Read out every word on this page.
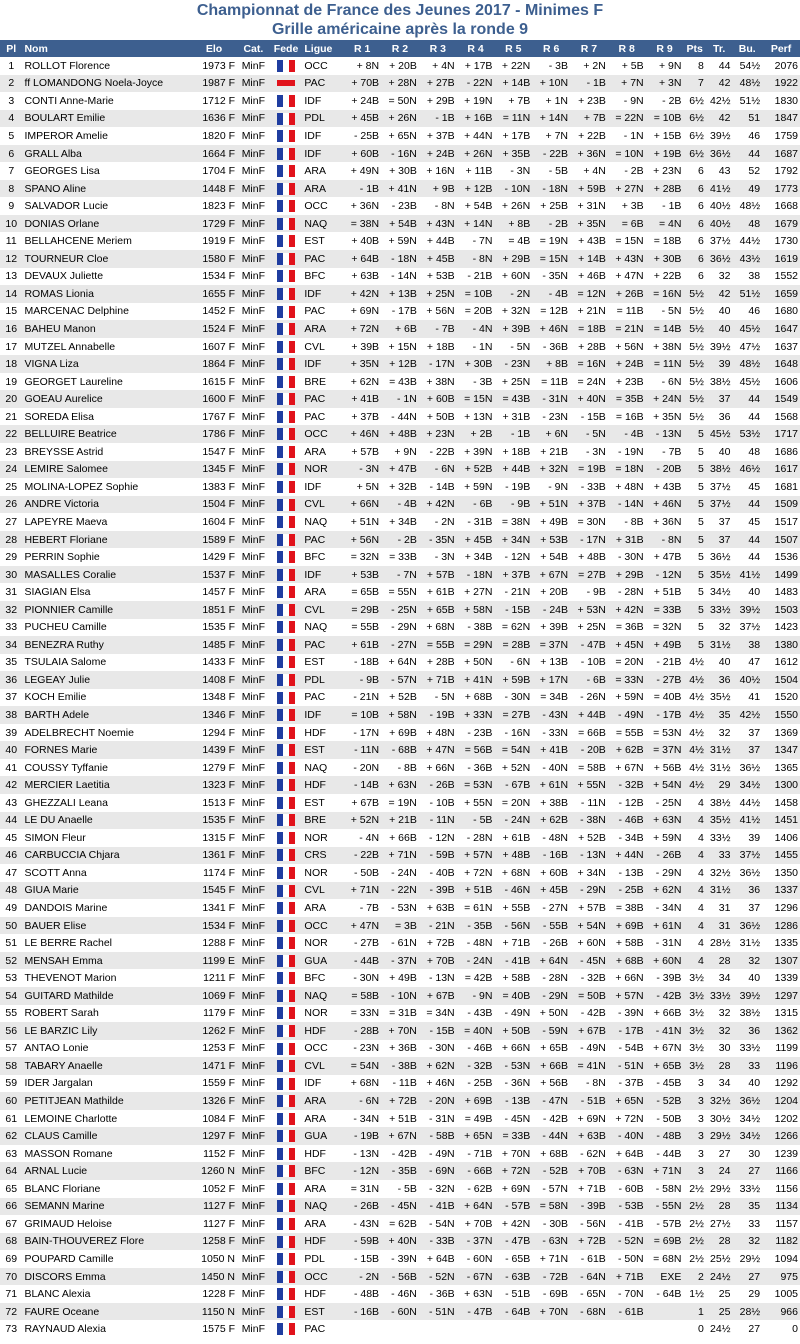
Championnat de France des Jeunes 2017 - Minimes F
Grille américaine après la ronde 9
Pl	Nom	Elo	Cat.	Fede	Ligue	R 1	R 2	R 3	R 4	R 5	R 6	R 7	R 8	R 9	Pts	Tr.	Bu.	Perf
1	ROLLOT Florence	1973 F	MinF		OCC	+ 8N	+ 20B	+ 4N	+ 17B	+ 22N	- 3B	+ 2N	+ 5B	+ 9N	8	44	54½	2076
2	ff LOMANDONG Noela-Joyce	1987 F	MinF		PAC	+ 70B	+ 28N	+ 27B	- 22N	+ 14B	+ 10N	- 1B	+ 7N	+ 3N	7	42	48½	1922
3	CONTI Anne-Marie	1712 F	MinF		IDF	+ 24B	= 50N	+ 29B	+ 19N	+ 7B	+ 1N	+ 23B	- 9N	- 2B	6½	42½	51½	1830
4	BOULART Emilie	1636 F	MinF		PDL	+ 45B	+ 26N	- 1B	+ 16B	= 11N	+ 14N	+ 7B	= 22N	= 10B	6½	42	51	1847
5	IMPEROR Amelie	1820 F	MinF		IDF	- 25B	+ 65N	+ 37B	+ 44N	+ 17B	+ 7N	+ 22B	- 1N	+ 15B	6½	39½	46	1759
6	GRALL Alba	1664 F	MinF		IDF	+ 60B	- 16N	+ 24B	+ 26N	+ 35B	- 22B	+ 36N	= 10N	+ 19B	6½	36½	44	1687
7	GEORGES Lisa	1704 F	MinF		ARA	+ 49N	+ 30B	+ 16N	+ 11B	- 3N	- 5B	+ 4N	- 2B	+ 23N	6	43	52	1792
8	SPANO Aline	1448 F	MinF		ARA	- 1B	+ 41N	+ 9B	+ 12B	- 10N	- 18N	+ 59B	+ 27N	+ 28B	6	41½	49	1773
9	SALVADOR Lucie	1823 F	MinF		OCC	+ 36N	- 23B	- 8N	+ 54B	+ 26N	+ 25B	+ 31N	+ 3B	- 1B	6	40½	48½	1668
10	DONIAS Orlane	1729 F	MinF		NAQ	= 38N	+ 54B	+ 43N	+ 14N	+ 8B	- 2B	+ 35N	= 6B	= 4N	6	40½	48	1679
11	BELLAHCENE Meriem	1919 F	MinF		EST	+ 40B	+ 59N	+ 44B	- 7N	= 4B	= 19N	+ 43B	= 15N	= 18B	6	37½	44½	1730
12	TOURNEUR Cloe	1580 F	MinF		PAC	+ 64B	- 18N	+ 45B	- 8N	+ 29B	= 15N	+ 14B	+ 43N	+ 30B	6	36½	43½	1619
13	DEVAUX Juliette	1534 F	MinF		BFC	+ 63B	- 14N	+ 53B	- 21B	+ 60N	- 35N	+ 46B	+ 47N	+ 22B	6	32	38	1552
14	ROMAS Lionia	1655 F	MinF		IDF	+ 42N	+ 13B	+ 25N	= 10B	- 2N	- 4B	= 12N	+ 26B	= 16N	5½	42	51½	1659
15	MARCENAC Delphine	1452 F	MinF		PAC	+ 69N	- 17B	+ 56N	= 20B	+ 32N	= 12B	+ 21N	= 11B	- 5N	5½	40	46	1680
16	BAHEU Manon	1524 F	MinF		ARA	+ 72N	+ 6B	- 7B	- 4N	+ 39B	+ 46N	= 18B	= 21N	= 14B	5½	40	45½	1647
17	MUTZEL Annabelle	1607 F	MinF		CVL	+ 39B	+ 15N	+ 18B	- 1N	- 5N	- 36B	+ 28B	+ 56N	+ 38N	5½	39½	47½	1637
18	VIGNA Liza	1864 F	MinF		IDF	+ 35N	+ 12B	- 17N	+ 30B	- 23N	+ 8B	= 16N	+ 24B	= 11N	5½	39	48½	1648
19	GEORGET Laureline	1615 F	MinF		BRE	+ 62N	= 43B	+ 38N	- 3B	+ 25N	= 11B	= 24N	+ 23B	- 6N	5½	38½	45½	1606
20	GOEAU Aurelice	1600 F	MinF		PAC	+ 41B	- 1N	+ 60B	= 15N	= 43B	- 31N	+ 40N	= 35B	+ 24N	5½	37	44	1549
21	SOREDA Elisa	1767 F	MinF		PAC	+ 37B	- 44N	+ 50B	+ 13N	+ 31B	- 23N	- 15B	= 16B	+ 35N	5½	36	44	1568
22	BELLUIRE Beatrice	1786 F	MinF		OCC	+ 46N	+ 48B	+ 23N	+ 2B	- 1B	+ 6N	- 5N	- 4B	- 13N	5	45½	53½	1717
23	BREYSSE Astrid	1547 F	MinF		ARA	+ 57B	+ 9N	- 22B	+ 39N	+ 18B	+ 21B	- 3N	- 19N	- 7B	5	40	48	1686
24	LEMIRE Salomee	1345 F	MinF		NOR	- 3N	+ 47B	- 6N	+ 52B	+ 44B	+ 32N	= 19B	= 18N	- 20B	5	38½	46½	1617
25	MOLINA-LOPEZ Sophie	1383 F	MinF		IDF	+ 5N	+ 32B	- 14B	+ 59N	- 19B	- 9N	- 33B	+ 48N	+ 43B	5	37½	45	1681
26	ANDRE Victoria	1504 F	MinF		CVL	+ 66N	- 4B	+ 42N	- 6B	- 9B	+ 51N	+ 37B	- 14N	+ 46N	5	37½	44	1509
27	LAPEYRE Maeva	1604 F	MinF		NAQ	+ 51N	+ 34B	- 2N	- 31B	= 38N	+ 49B	= 30N	- 8B	+ 36N	5	37	45	1517
28	HEBERT Floriane	1589 F	MinF		PAC	+ 56N	- 2B	- 35N	+ 45B	+ 34N	+ 53B	- 17N	+ 31B	- 8N	5	37	44	1507
29	PERRIN Sophie	1429 F	MinF		BFC	= 32N	= 33B	- 3N	+ 34B	- 12N	+ 54B	+ 48B	- 30N	+ 47B	5	36½	44	1536
30	MASALLES Coralie	1537 F	MinF		IDF	+ 53B	- 7N	+ 57B	- 18N	+ 37B	+ 67N	= 27B	+ 29B	- 12N	5	35½	41½	1499
31	SIAGIAN Elsa	1457 F	MinF		ARA	= 65B	= 55N	+ 61B	+ 27N	- 21N	+ 20B	- 9B	- 28N	+ 51B	5	34½	40	1483
32	PIONNIER Camille	1851 F	MinF		CVL	= 29B	- 25N	+ 65B	+ 58N	- 15B	- 24B	+ 53N	+ 42N	= 33B	5	33½	39½	1503
33	PUCHEU Camille	1535 F	MinF		NAQ	= 55B	- 29N	+ 68N	- 38B	= 62N	+ 39B	+ 25N	= 36B	= 32N	5	32	37½	1423
34	BENEZRA Ruthy	1485 F	MinF		PAC	+ 61B	- 27N	= 55B	= 29N	= 28B	= 37N	- 47B	+ 45N	+ 49B	5	31½	38	1380
35	TSULAIA Salome	1433 F	MinF		EST	- 18B	+ 64N	+ 28B	+ 50N	- 6N	+ 13B	- 10B	= 20N	- 21B	4½	40	47	1612
36	LEGEAY Julie	1408 F	MinF		PDL	- 9B	- 57N	+ 71B	+ 41N	+ 59B	+ 17N	- 6B	= 33N	- 27B	4½	36	40½	1504
37	KOCH Emilie	1348 F	MinF		PAC	- 21N	+ 52B	- 5N	+ 68B	- 30N	= 34B	- 26N	+ 59N	= 40B	4½	35½	41	1520
38	BARTH Adele	1346 F	MinF		IDF	= 10B	+ 58N	- 19B	+ 33N	= 27B	- 43N	+ 44B	- 49N	- 17B	4½	35	42½	1550
39	ADELBRECHT Noemie	1294 F	MinF		HDF	- 17N	+ 69B	+ 48N	- 23B	- 16N	- 33N	= 66B	= 55B	= 53N	4½	32	37	1369
40	FORNES Marie	1439 F	MinF		EST	- 11N	- 68B	+ 47N	= 56B	= 54N	+ 41B	- 20B	+ 62B	= 37N	4½	31½	37	1347
41	COUSSY Tyffanie	1279 F	MinF		NAQ	- 20N	- 8B	+ 66N	- 36B	+ 52N	- 40N	= 58B	+ 67N	+ 56B	4½	31½	36½	1365
42	MERCIER Laetitia	1323 F	MinF		HDF	- 14B	+ 63N	- 26B	= 53N	- 67B	+ 61N	+ 55N	- 32B	+ 54N	4½	29	34½	1300
43	GHEZZALI Leana	1513 F	MinF		EST	+ 67B	= 19N	- 10B	+ 55N	= 20N	+ 38B	- 11N	- 12B	- 25N	4	38½	44½	1458
44	LE DU Anaelle	1535 F	MinF		BRE	+ 52N	+ 21B	- 11N	- 5B	- 24N	+ 62B	- 38N	- 46B	+ 63N	4	35½	41½	1451
45	SIMON Fleur	1315 F	MinF		NOR	- 4N	+ 66B	- 12N	- 28N	+ 61B	- 48N	+ 52B	- 34B	+ 59N	4	33½	39	1406
46	CARBUCCIA Chjara	1361 F	MinF		CRS	- 22B	+ 71N	- 59B	+ 57N	+ 48B	- 16B	- 13N	+ 44N	- 26B	4	33	37½	1455
47	SCOTT Anna	1174 F	MinF		NOR	- 50B	- 24N	- 40B	+ 72N	+ 68N	+ 60B	+ 34N	- 13B	- 29N	4	32½	36½	1350
48	GIUA Marie	1545 F	MinF		CVL	+ 71N	- 22N	- 39B	+ 51B	- 46N	+ 45B	- 29N	- 25B	+ 62N	4	31½	36	1337
49	DANDOIS Marine	1341 F	MinF		ARA	- 7B	- 53N	+ 63B	= 61N	+ 55B	- 27N	+ 57B	= 38B	- 34N	4	31	37	1296
50	BAUER Elise	1534 F	MinF		OCC	+ 47N	= 3B	- 21N	- 35B	- 56N	- 55B	+ 54N	+ 69B	+ 61N	4	31	36½	1286
51	LE BERRE Rachel	1288 F	MinF		NOR	- 27B	- 61N	+ 72B	- 48N	+ 71B	- 26B	+ 60N	+ 58B	- 31N	4	28½	31½	1335
52	MENSAH Emma	1199 E	MinF		GUA	- 44B	- 37N	+ 70B	- 24N	- 41B	+ 64N	- 45N	+ 68B	+ 60N	4	28	32	1307
53	THEVENOT Marion	1211 F	MinF		BFC	- 30N	+ 49B	- 13N	= 42B	+ 58B	- 28N	- 32B	+ 66N	- 39B	3½	34	40	1339
54	GUITARD Mathilde	1069 F	MinF		NAQ	= 58B	- 10N	+ 67B	- 9N	= 40B	- 29N	= 50B	+ 57N	- 42B	3½	33½	39½	1297
55	ROBERT Sarah	1179 F	MinF		NOR	= 33N	= 31B	= 34N	- 43B	- 49N	+ 50N	- 42B	- 39N	+ 66B	3½	32	38½	1315
56	LE BARZIC Lily	1262 F	MinF		HDF	- 28B	+ 70N	- 15B	= 40N	+ 50B	- 59N	+ 67B	- 17B	- 41N	3½	32	36	1362
57	ANTAO Lonie	1253 F	MinF		OCC	- 23N	+ 36B	- 30N	- 46B	+ 66N	+ 65B	- 49N	- 54B	+ 67N	3½	30	33½	1199
58	TABARY Anaelle	1471 F	MinF		CVL	= 54N	- 38B	+ 62N	- 32B	- 53N	+ 66B	= 41N	- 51N	+ 65B	3½	28	33	1196
59	IDER Jargalan	1559 F	MinF		IDF	+ 68N	- 11B	+ 46N	- 25B	- 36N	+ 56B	- 8N	- 37B	- 45B	3	34	40	1292
60	PETITJEAN Mathilde	1326 F	MinF		ARA	- 6N	+ 72B	- 20N	+ 69B	- 13B	- 47N	- 51B	+ 65N	- 52B	3	32½	36½	1204
61	LEMOINE Charlotte	1084 F	MinF		ARA	- 34N	+ 51B	- 31N	= 49B	- 45N	- 42B	+ 69N	+ 72N	- 50B	3	30½	34½	1202
62	CLAUS Camille	1297 F	MinF		GUA	- 19B	+ 67N	- 58B	+ 65N	= 33B	- 44N	+ 63B	- 40N	- 48B	3	29½	34½	1266
63	MASSON Romane	1152 F	MinF		HDF	- 13N	- 42B	- 49N	- 71B	+ 70N	+ 68B	- 62N	+ 64B	- 44B	3	27	30	1239
64	ARNAL Lucie	1260 N	MinF		BFC	- 12N	- 35B	- 69N	- 66B	+ 72N	- 52B	+ 70B	- 63N	+ 71N	3	24	27	1166
65	BLANC Floriane	1052 F	MinF		ARA	= 31N	- 5B	- 32N	- 62B	+ 69N	- 57N	+ 71B	- 60B	- 58N	2½	29½	33½	1156
66	SEMANN Marine	1127 F	MinF		NAQ	- 26B	- 45N	- 41B	+ 64N	- 57B	= 58N	- 39B	- 53B	- 55N	2½	28	35	1134
67	GRIMAUD Heloise	1127 F	MinF		ARA	- 43N	= 62B	- 54N	+ 70B	+ 42N	- 30B	- 56N	- 41B	- 57B	2½	27½	33	1157
68	BAIN-THOUVEREZ Flore	1258 F	MinF		HDF	- 59B	+ 40N	- 33B	- 37N	- 47B	- 63N	+ 72B	- 52N	= 69B	2½	28	32	1182
69	POUPARD Camille	1050 N	MinF		PDL	- 15B	- 39N	+ 64B	- 60N	- 65B	+ 71N	- 61B	- 50N	= 68N	2½	25½	29½	1094
70	DISCORS Emma	1450 N	MinF		OCC	- 2N	- 56B	- 52N	- 67N	- 63B	- 72B	- 64N	+ 71B	EXE	2	24½	27	975
71	BLANC Alexia	1228 F	MinF		HDF	- 48B	- 46N	- 36B	+ 63N	- 51B	- 69B	- 65N	- 70N	- 64B	1½	25	29	1005
72	FAURE Oceane	1150 N	MinF		EST	- 16B	- 60N	- 51N	- 47B	- 64B	+ 70N	- 68N	- 61B		1	25	28½	966
73	RAYNAUD Alexia	1575 F	MinF		PAC										0	24½	27	0
